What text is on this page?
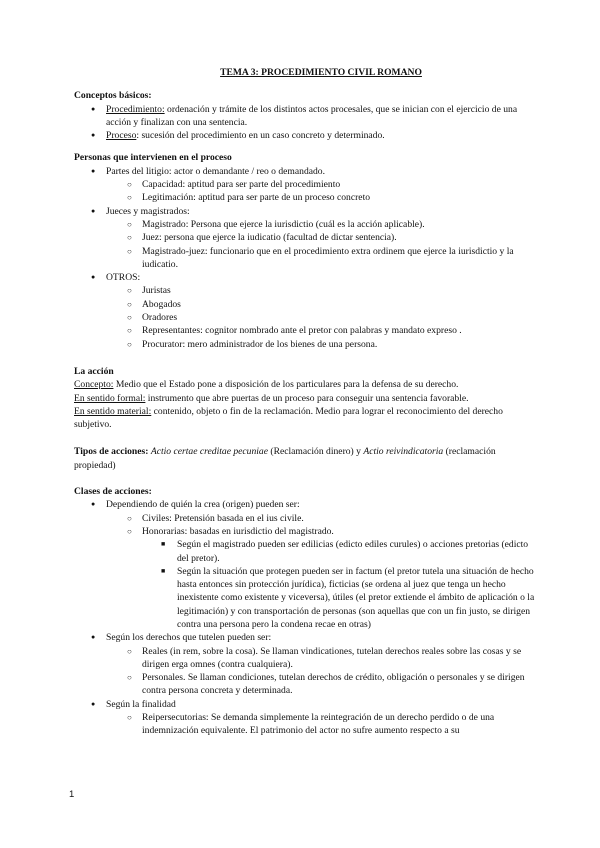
TEMA 3: PROCEDIMIENTO CIVIL ROMANO
Conceptos básicos:
● Procedimiento: ordenación y trámite de los distintos actos procesales, que se inician con el ejercicio de una acción y finalizan con una sentencia.
● Proceso: sucesión del procedimiento en un caso concreto y determinado.
Personas que intervienen en el proceso
● Partes del litigio: actor o demandante / reo o demandado.
○ Capacidad: aptitud para ser parte del procedimiento
○ Legitimación: aptitud para ser parte de un proceso concreto
● Jueces y magistrados:
○ Magistrado: Persona que ejerce la iurisdictio (cuál es la acción aplicable).
○ Juez: persona que ejerce la iudicatio (facultad de dictar sentencia).
○ Magistrado-juez: funcionario que en el procedimiento extra ordinem que ejerce la iurisdictio y la iudicatio.
● OTROS:
○ Juristas
○ Abogados
○ Oradores
○ Representantes: cognitor nombrado ante el pretor con palabras y mandato expreso .
○ Procurator: mero administrador de los bienes de una persona.
La acción

Concepto: Medio que el Estado pone a disposición de los particulares para la defensa de su derecho.

En sentido formal: instrumento que abre puertas de un proceso para conseguir una sentencia favorable.

En sentido material: contenido, objeto o fin de la reclamación. Medio para lograr el reconocimiento del derecho subjetivo.

Tipos de acciones: Actio certae creditae pecuniae (Reclamación dinero) y Actio reivindicatoria (reclamación propiedad)

Clases de acciones:
● Dependiendo de quién la crea (origen) pueden ser:
○ Civiles: Pretensión basada en el ius civile.
○ Honorarias: basadas en iurisdictio del magistrado.
■ Según el magistrado pueden ser edilicias (edicto ediles curules) o acciones pretorias (edicto del pretor).
■ Según la situación que protegen pueden ser in factum (el pretor tutela una situación de hecho hasta entonces sin protección jurídica), ficticias (se ordena al juez que tenga un hecho inexistente como existente y viceversa), útiles (el pretor extiende el ámbito de aplicación o la legitimación) y con transportación de personas (son aquellas que con un fin justo, se dirigen contra una persona pero la condena recae en otras)
● Según los derechos que tutelen pueden ser:
○ Reales (in rem, sobre la cosa). Se llaman vindicationes, tutelan derechos reales sobre las cosas y se dirigen erga omnes (contra cualquiera).
○ Personales. Se llaman condiciones, tutelan derechos de crédito, obligación o personales y se dirigen contra persona concreta y determinada.
● Según la finalidad
○ Reipersecutorias: Se demanda simplemente la reintegración de un derecho perdido o de una indemnización equivalente. El patrimonio del actor no sufre aumento respecto a su
1
